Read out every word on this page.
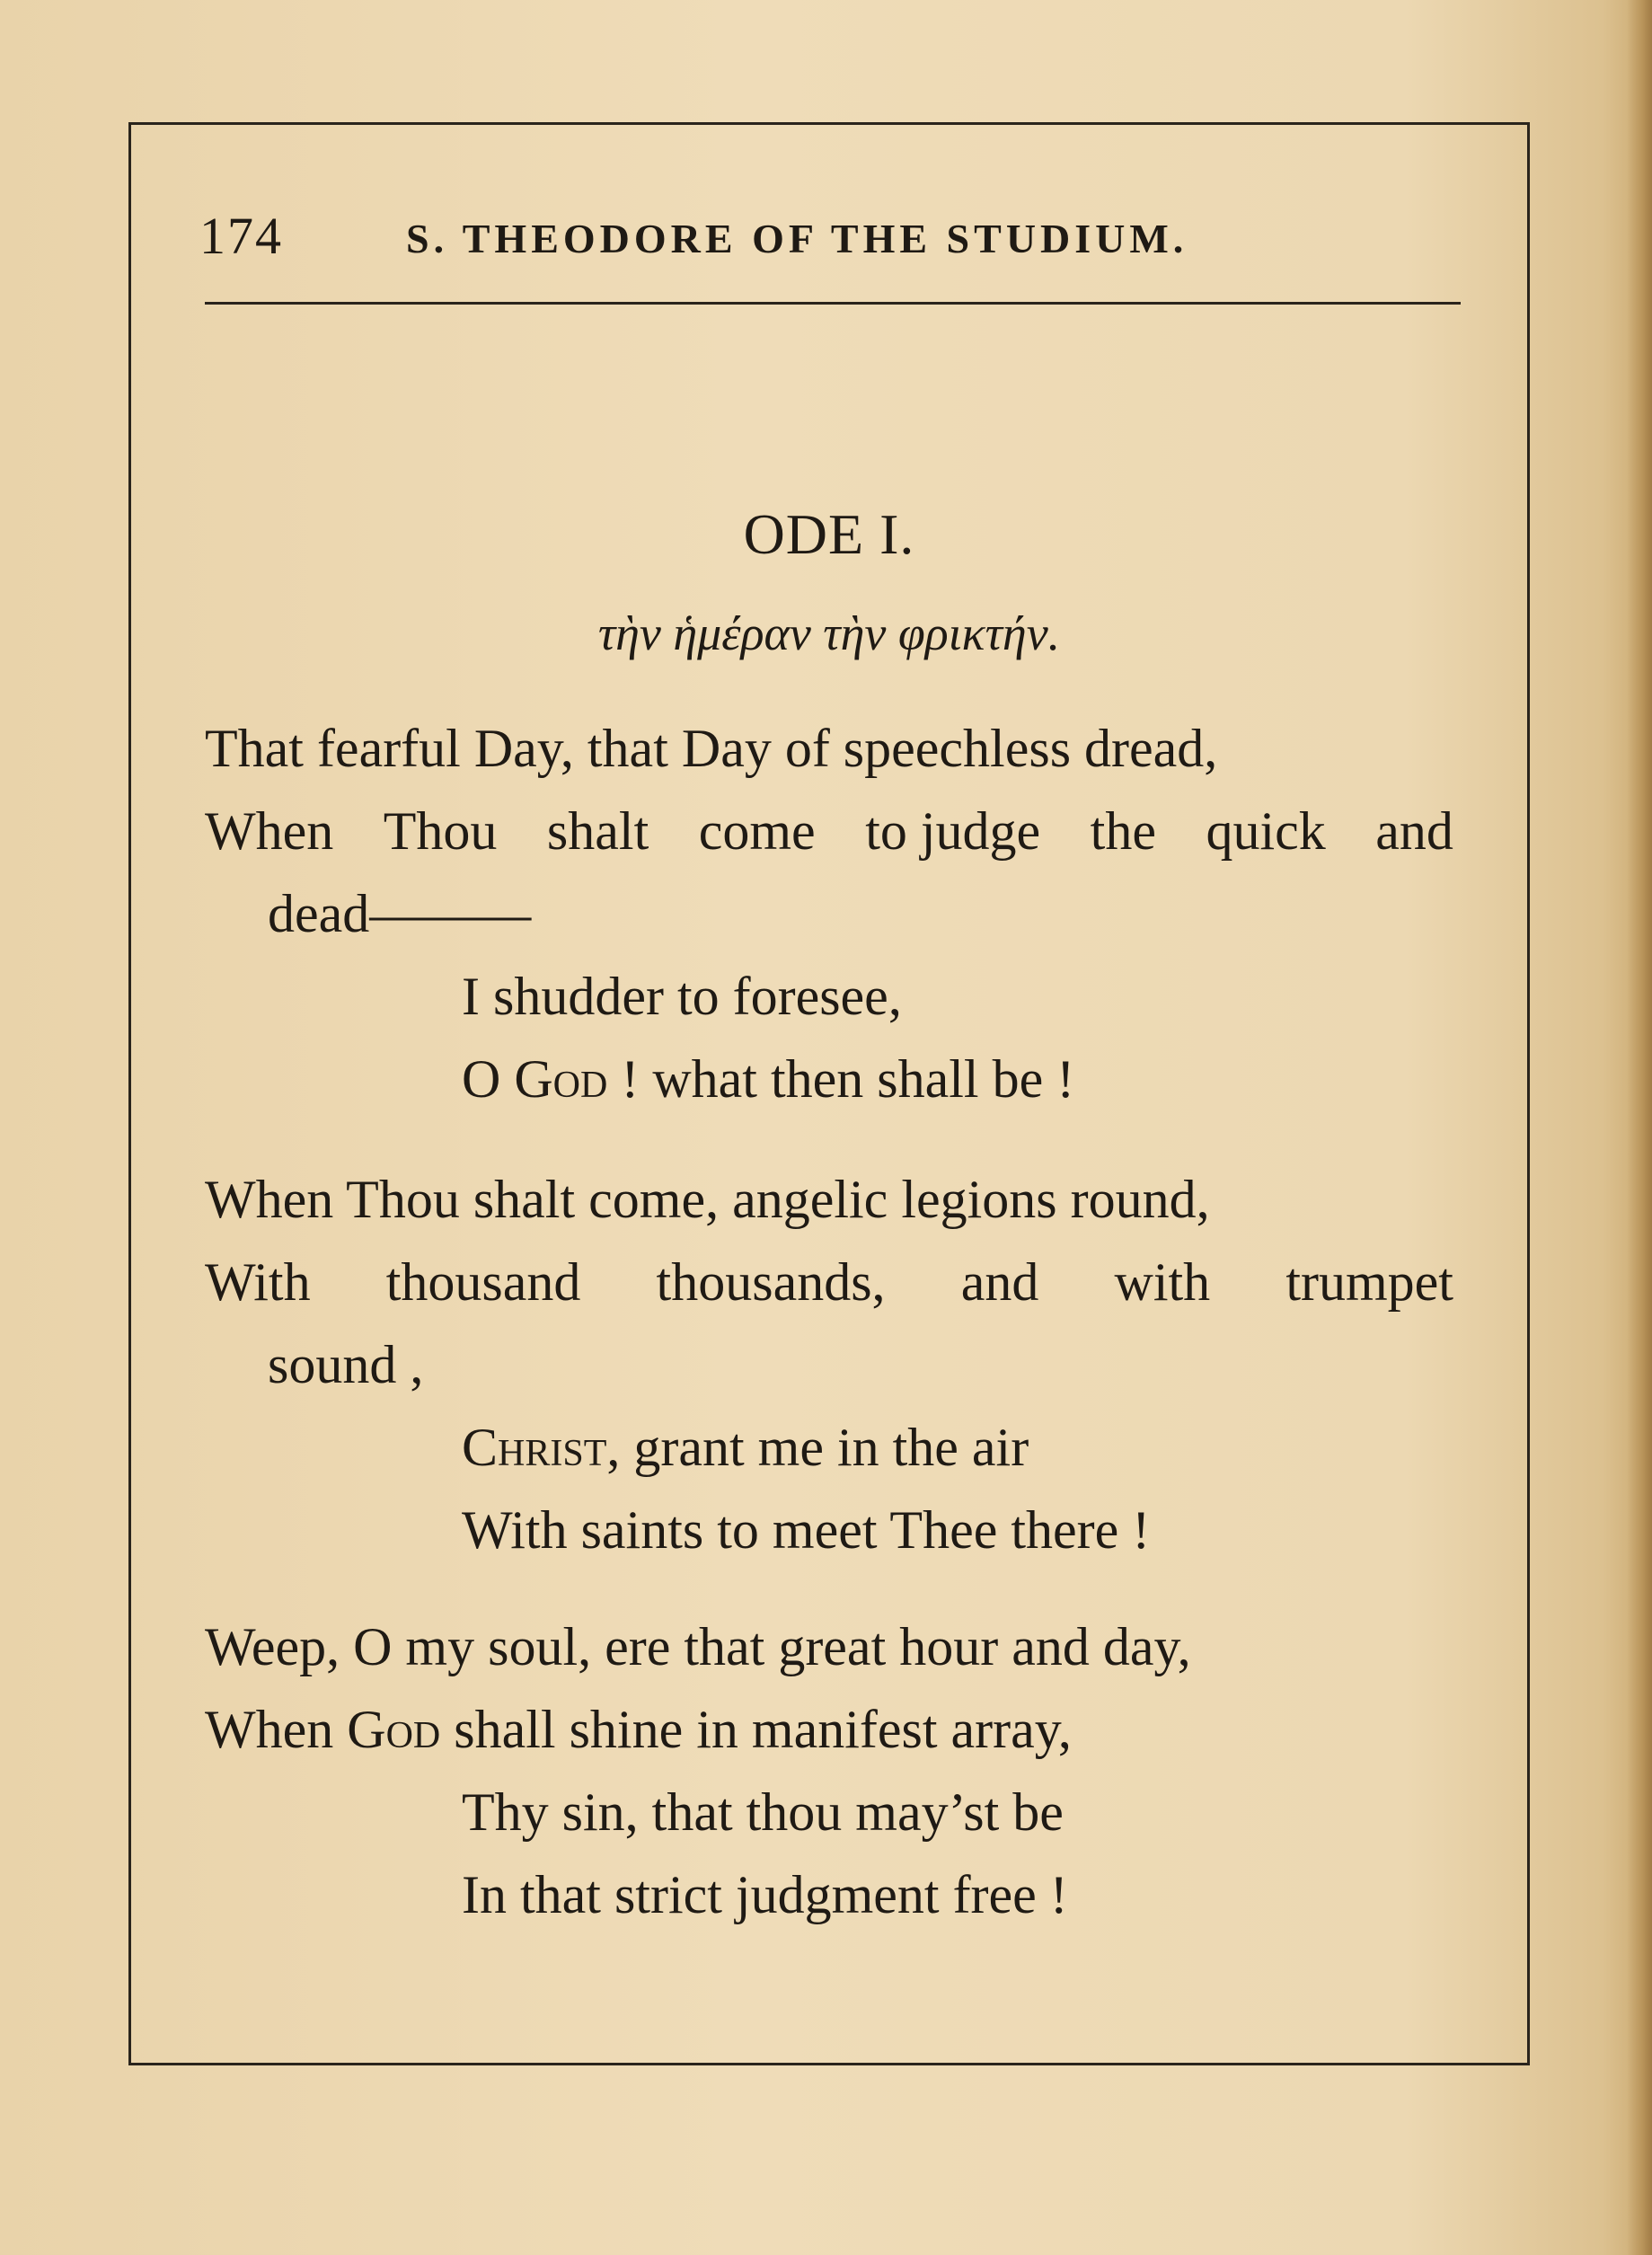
174	S. THEODORE OF THE STUDIUM.
ODE I.
τὴν ἡμέραν τὴν φρικτήν.
That fearful Day, that Day of speechless dread,
When Thou shalt come to judge the quick and
dead———
I shudder to foresee,
O God ! what then shall be !
When Thou shalt come, angelic legions round,
With thousand thousands, and with trumpet
sound ,
Christ, grant me in the air
With saints to meet Thee there !
Weep, O my soul, ere that great hour and day,
When God shall shine in manifest array,
Thy sin, that thou may’st be
In that strict judgment free !
